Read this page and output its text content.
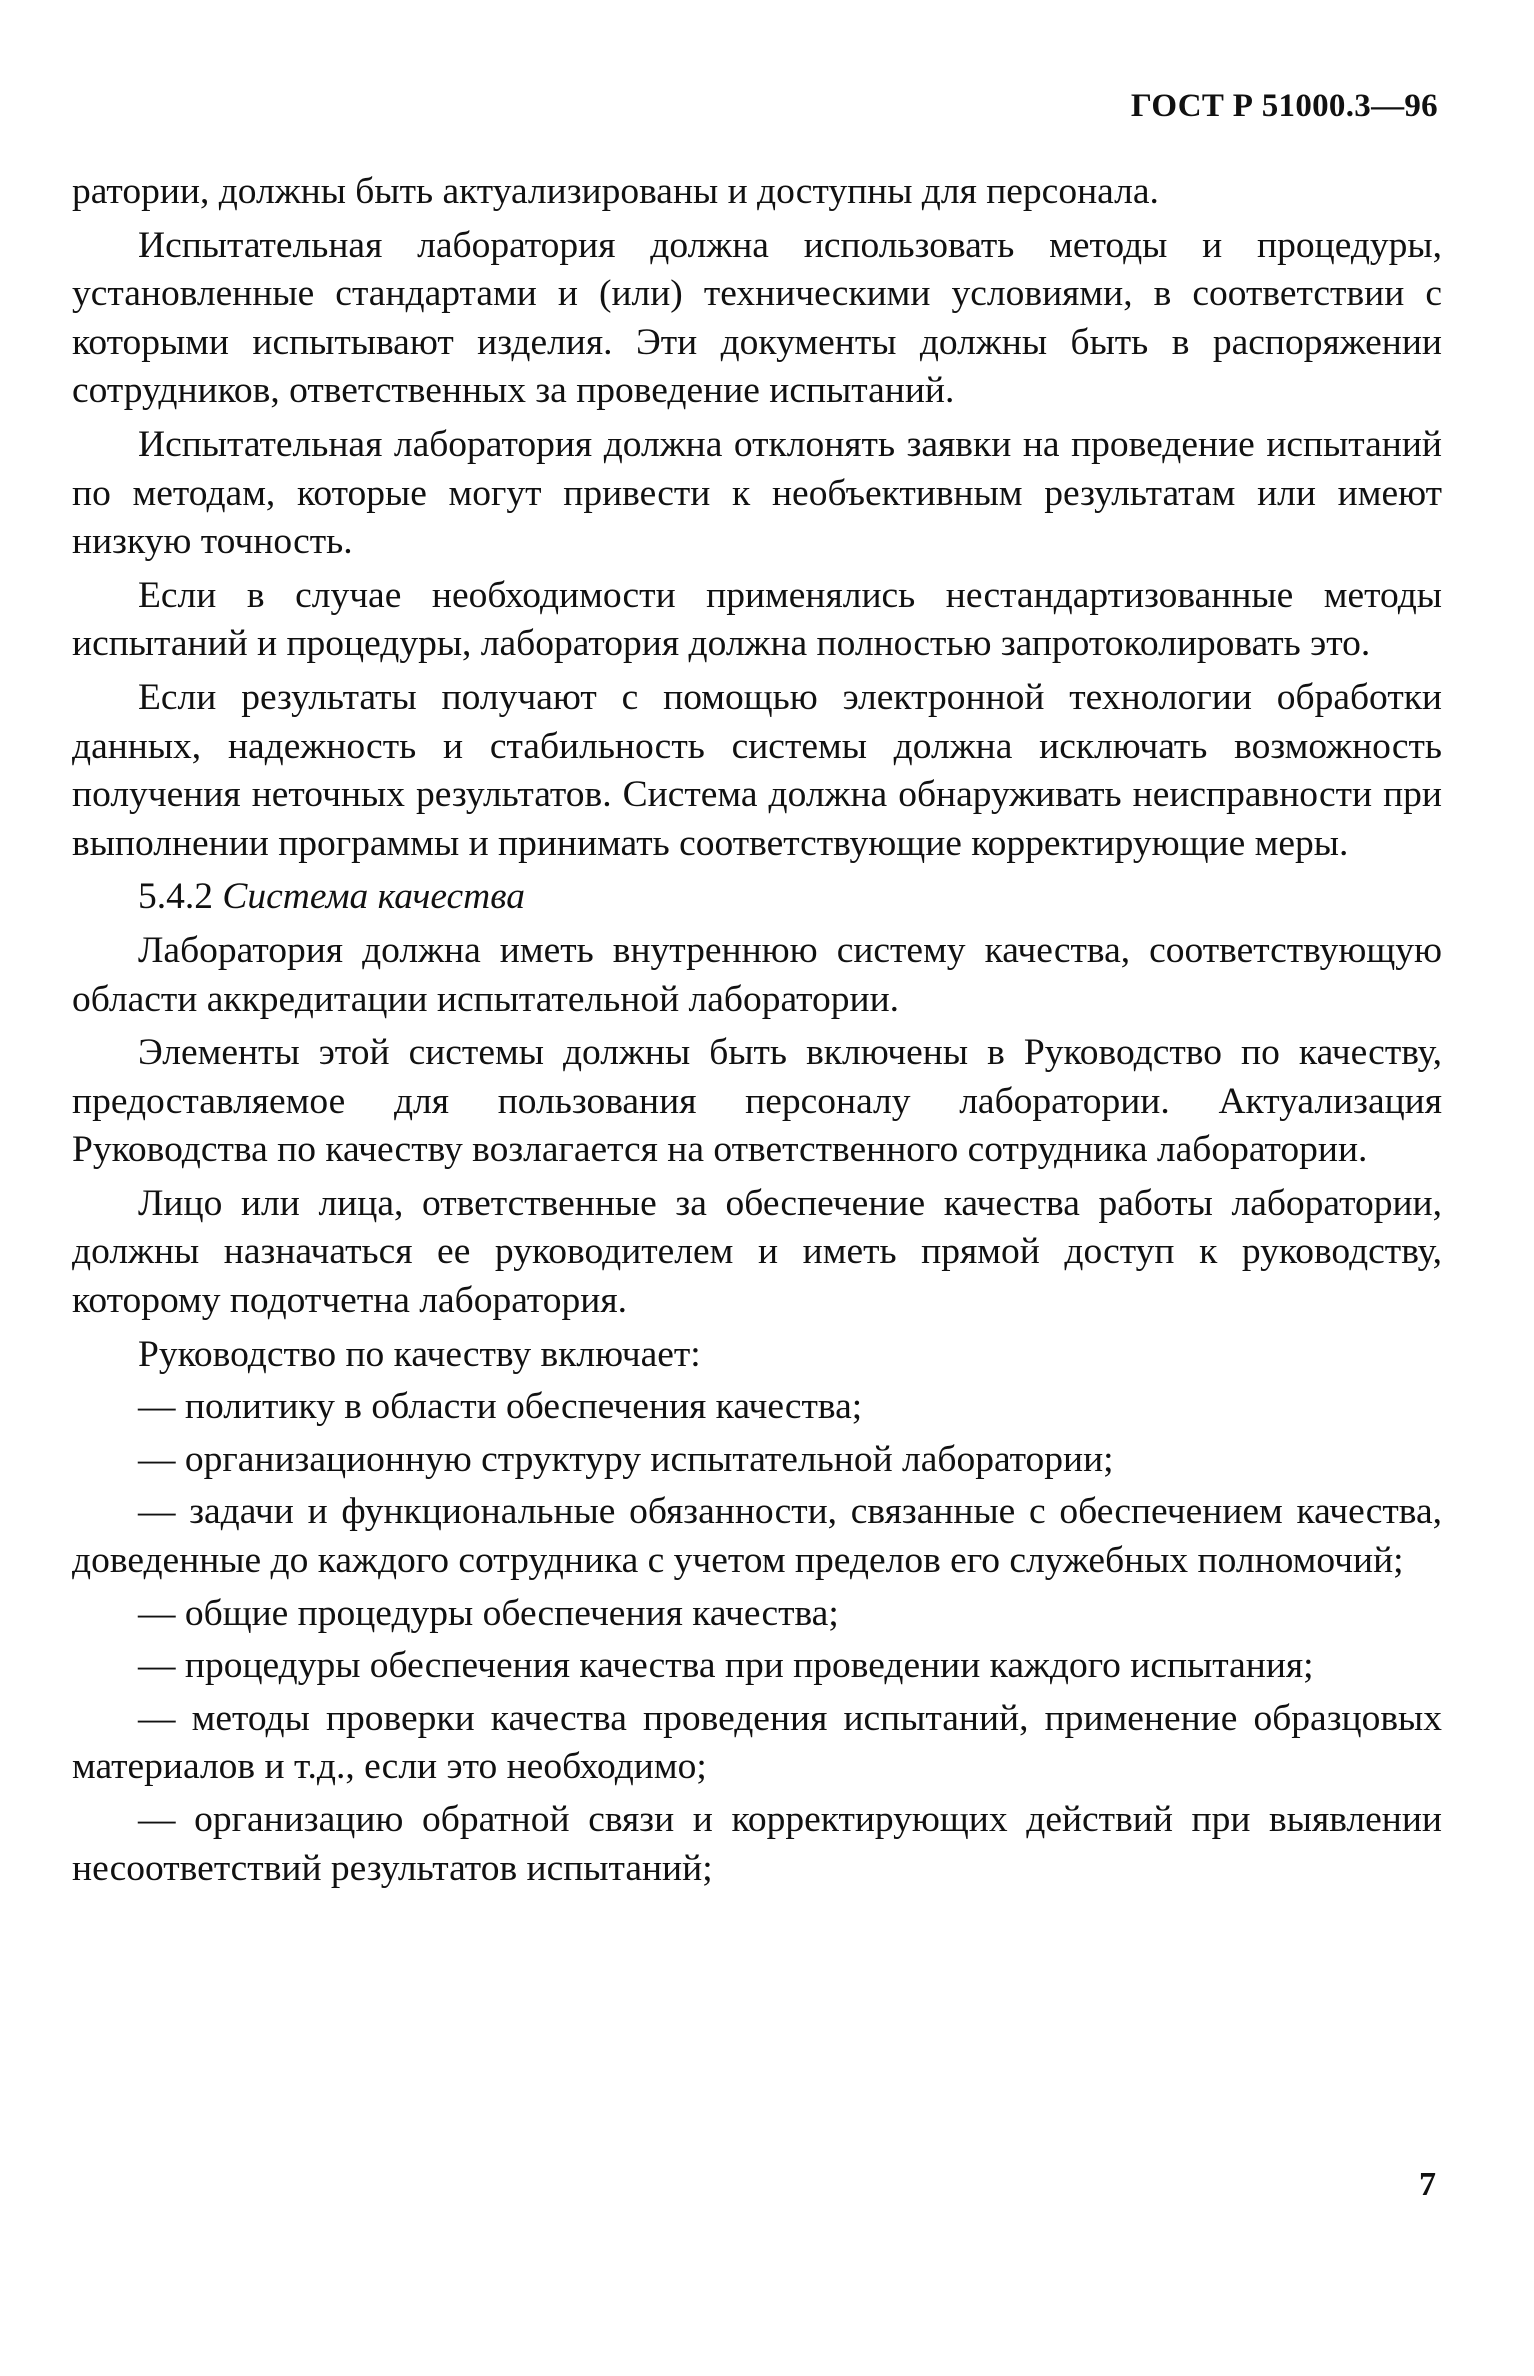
ГОСТ Р 51000.3—96

ратории, должны быть актуализированы и доступны для персонала.

Испытательная лаборатория должна использовать методы и процедуры, установленные стандартами и (или) техническими условиями, в соответствии с которыми испытывают изделия. Эти документы должны быть в распоряжении сотрудников, ответственных за проведение испытаний.

Испытательная лаборатория должна отклонять заявки на проведение испытаний по методам, которые могут привести к необъективным результатам или имеют низкую точность.

Если в случае необходимости применялись нестандартизованные методы испытаний и процедуры, лаборатория должна полностью запротоколировать это.

Если результаты получают с помощью электронной технологии обработки данных, надежность и стабильность системы должна исключать возможность получения неточных результатов. Система должна обнаруживать неисправности при выполнении программы и принимать соответствующие корректирующие меры.

5.4.2 Система качества

Лаборатория должна иметь внутреннюю систему качества, соответствующую области аккредитации испытательной лаборатории.

Элементы этой системы должны быть включены в Руководство по качеству, предоставляемое для пользования персоналу лаборатории. Актуализация Руководства по качеству возлагается на ответственного сотрудника лаборатории.

Лицо или лица, ответственные за обеспечение качества работы лаборатории, должны назначаться ее руководителем и иметь прямой доступ к руководству, которому подотчетна лаборатория.

Руководство по качеству включает:

— политику в области обеспечения качества;

— организационную структуру испытательной лаборатории;

— задачи и функциональные обязанности, связанные с обеспечением качества, доведенные до каждого сотрудника с учетом пределов его служебных полномочий;

— общие процедуры обеспечения качества;

— процедуры обеспечения качества при проведении каждого испытания;

— методы проверки качества проведения испытаний, применение образцовых материалов и т.д., если это необходимо;

— организацию обратной связи и корректирующих действий при выявлении несоответствий результатов испытаний;

7
